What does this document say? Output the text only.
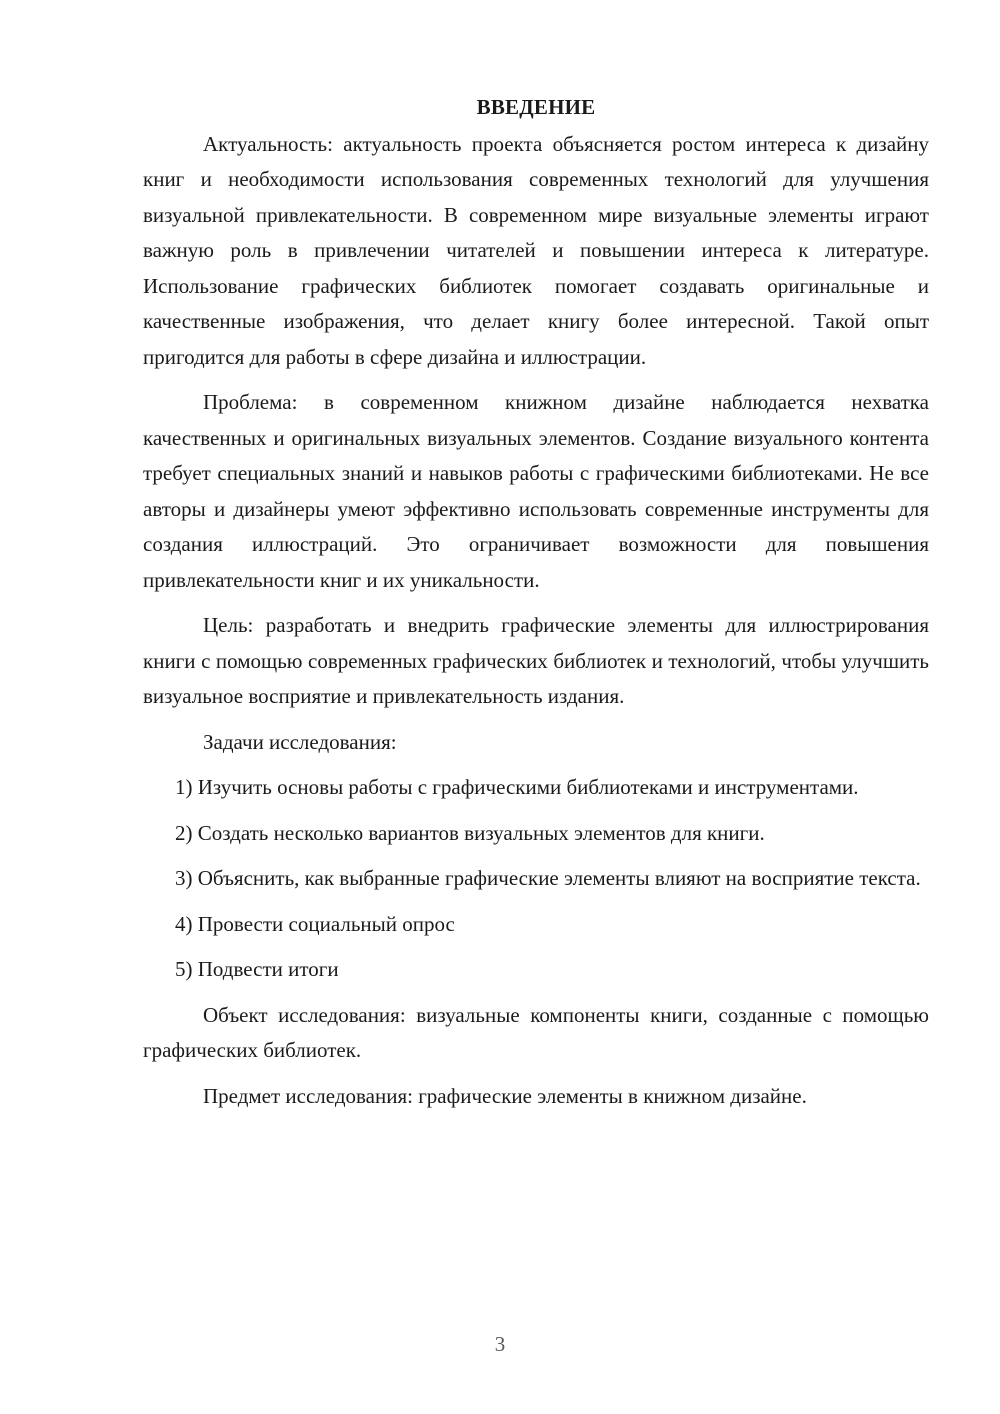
ВВЕДЕНИЕ

Актуальность: актуальность проекта объясняется ростом интереса к дизайну книг и необходимости использования современных технологий для улучшения визуальной привлекательности. В современном мире визуальные элементы играют важную роль в привлечении читателей и повышении интереса к литературе. Использование графических библиотек помогает создавать оригинальные и качественные изображения, что делает книгу более интересной. Такой опыт пригодится для работы в сфере дизайна и иллюстрации.

Проблема: в современном книжном дизайне наблюдается нехватка качественных и оригинальных визуальных элементов. Создание визуального контента требует специальных знаний и навыков работы с графическими библиотеками. Не все авторы и дизайнеры умеют эффективно использовать современные инструменты для создания иллюстраций. Это ограничивает возможности для повышения привлекательности книг и их уникальности.

Цель: разработать и внедрить графические элементы для иллюстрирования книги с помощью современных графических библиотек и технологий, чтобы улучшить визуальное восприятие и привлекательность издания.

Задачи исследования:

1) Изучить основы работы с графическими библиотеками и инструментами.

2) Создать несколько вариантов визуальных элементов для книги.

3) Объяснить, как выбранные графические элементы влияют на восприятие текста.

4) Провести социальный опрос

5) Подвести итоги

Объект исследования: визуальные компоненты книги, созданные с помощью графических библиотек.

Предмет исследования: графические элементы в книжном дизайне.

3
